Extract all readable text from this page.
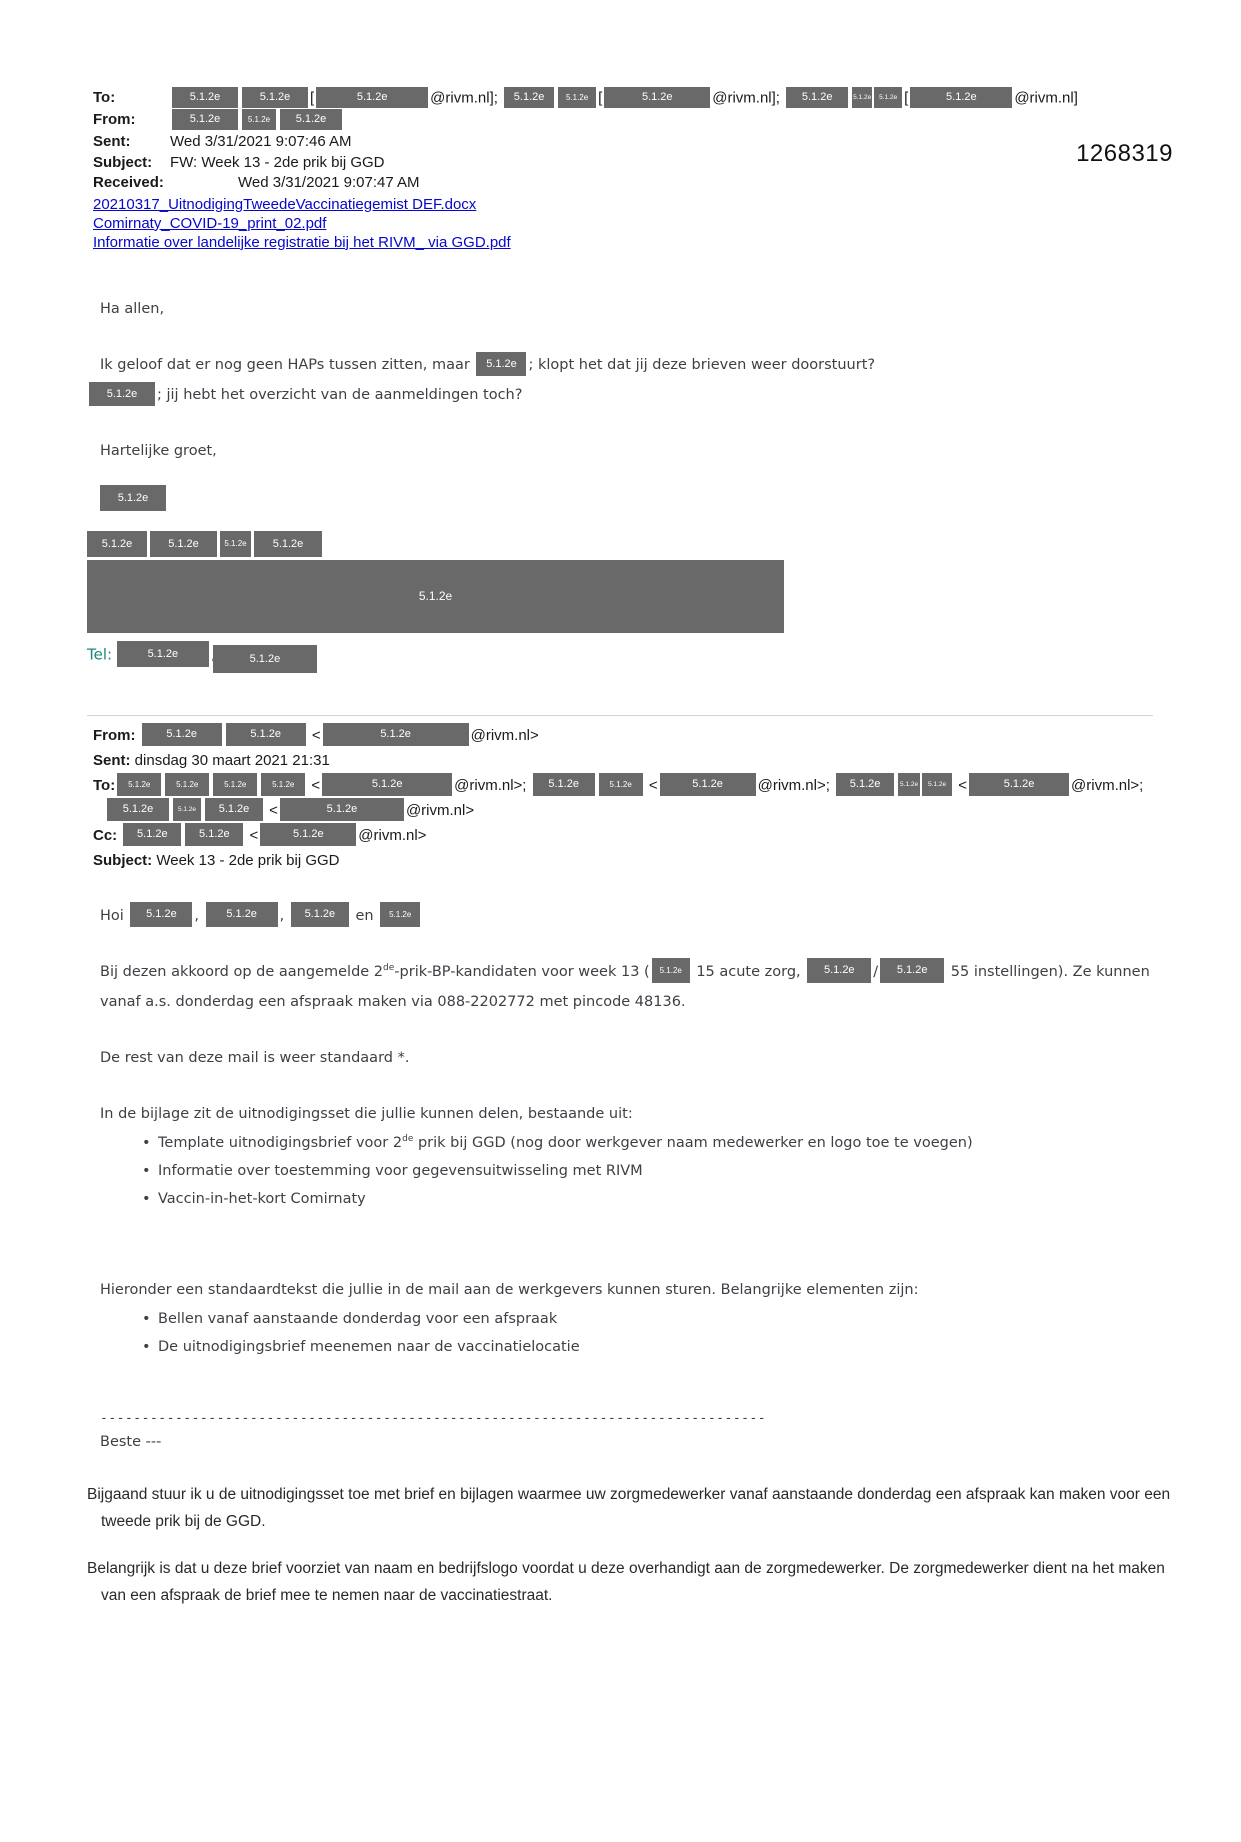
1268319
To:	5.1.2e	5.1.2e [	5.1.2e	@rivm.nl]; 5.1.2e	5.1.2e [	5.1.2e	@rivm.nl]; 5.1.2e	5.1.2e 5.1.2e [	5.1.2e	@rivm.nl]
From:	5.1.2e	5.1.2e 5.1.2e
Sent:	Wed 3/31/2021 9:07:46 AM
Subject:	FW: Week 13 - 2de prik bij GGD
Received:	Wed 3/31/2021 9:07:47 AM
20210317_UitnodigingTweedeVaccinatiegemist DEF.docx
Comirnaty_COVID-19_print_02.pdf
Informatie over landelijke registratie bij het RIVM_ via GGD.pdf
Ha allen,
Ik geloof dat er nog geen HAPs tussen zitten, maar 5.1.2e ; klopt het dat jij deze brieven weer doorstuurt?
5.1.2e ; jij hebt het overzicht van de aanmeldingen toch?
Hartelijke groet,
5.1.2e
5.1.2e	5.1.2e	5.1.2e 5.1.2e
5.1.2e
Tel:	5.1.2e	5.1.2e
From:	5.1.2e	5.1.2e <	5.1.2e	@rivm.nl>
Sent: dinsdag 30 maart 2021 21:31
To: 5.1.2e	5.1.2e	5.1.2e	5.1.2e <	5.1.2e	@rivm.nl>; 5.1.2e	5.1.2e <	5.1.2e @rivm.nl>; 5.1.2e	5.1.2e 5.1.2e <	5.1.2e @rivm.nl>;
5.1.2e	5.1.2e 5.1.2e <	5.1.2e	@rivm.nl>
Cc: 5.1.2e	5.1.2e <	5.1.2e @rivm.nl>
Subject: Week 13 - 2de prik bij GGD
Hoi 5.1.2e , 5.1.2e , 5.1.2e en 5.1.2e
Bij dezen akkoord op de aangemelde 2de-prik-BP-kandidaten voor week 13 ( 5.1.2e 15 acute zorg, 5.1.2e / 5.1.2e 55 instellingen). Ze kunnen vanaf a.s. donderdag een afspraak maken via 088-2202772 met pincode 48136.
De rest van deze mail is weer standaard *.
In de bijlage zit de uitnodigingsset die jullie kunnen delen, bestaande uit:
• Template uitnodigingsbrief voor 2de prik bij GGD (nog door werkgever naam medewerker en logo toe te voegen)
• Informatie over toestemming voor gegevensuitwisseling met RIVM
• Vaccin-in-het-kort Comirnaty
Hieronder een standaardtekst die jullie in de mail aan de werkgevers kunnen sturen. Belangrijke elementen zijn:
• Bellen vanaf aanstaande donderdag voor een afspraak
• De uitnodigingsbrief meenemen naar de vaccinatielocatie
--------------------------------------------------------------------------------
Beste ---
Bijgaand stuur ik u de uitnodigingsset toe met brief en bijlagen waarmee uw zorgmedewerker vanaf aanstaande donderdag een afspraak kan maken voor een tweede prik bij de GGD.
Belangrijk is dat u deze brief voorziet van naam en bedrijfslogo voordat u deze overhandigt aan de zorgmedewerker. De zorgmedewerker dient na het maken van een afspraak de brief mee te nemen naar de vaccinatiestraat.
